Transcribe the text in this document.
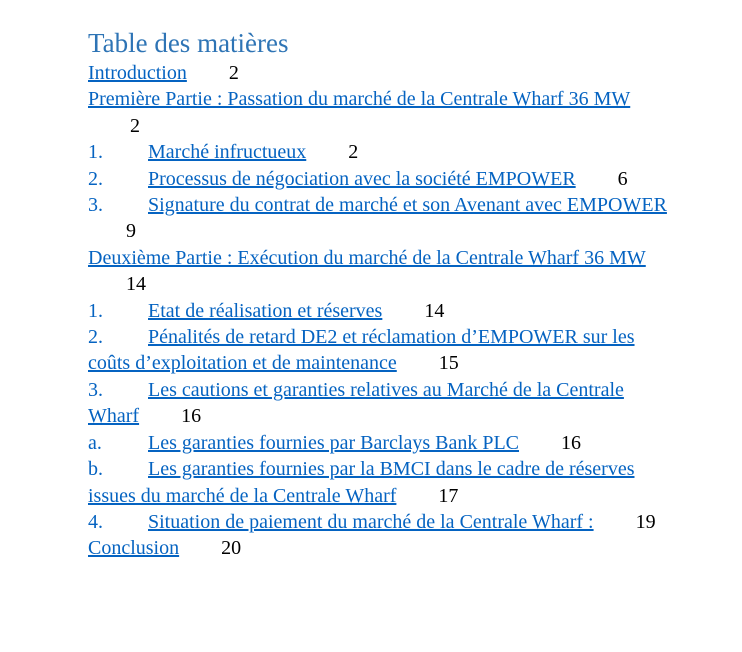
Table des matières
Introduction 2
Première Partie : Passation du marché de la Centrale Wharf 36 MW2
1. Marché infructueux 2
2. Processus de négociation avec la société EMPOWER 6
3. Signature du contrat de marché et son Avenant avec EMPOWER9
Deuxième Partie : Exécution du marché de la Centrale Wharf 36 MW14
1. Etat de réalisation et réserves 14
2. Pénalités de retard DE2 et réclamation d’EMPOWER sur les coûts d’exploitation et de maintenance 15
3. Les cautions et garanties relatives au Marché de la Centrale Wharf 16
a. Les garanties fournies par Barclays Bank PLC 16
b. Les garanties fournies par la BMCI dans le cadre de réserves issues du marché de la Centrale Wharf 17
4. Situation de paiement du marché de la Centrale Wharf : 19
Conclusion 20
